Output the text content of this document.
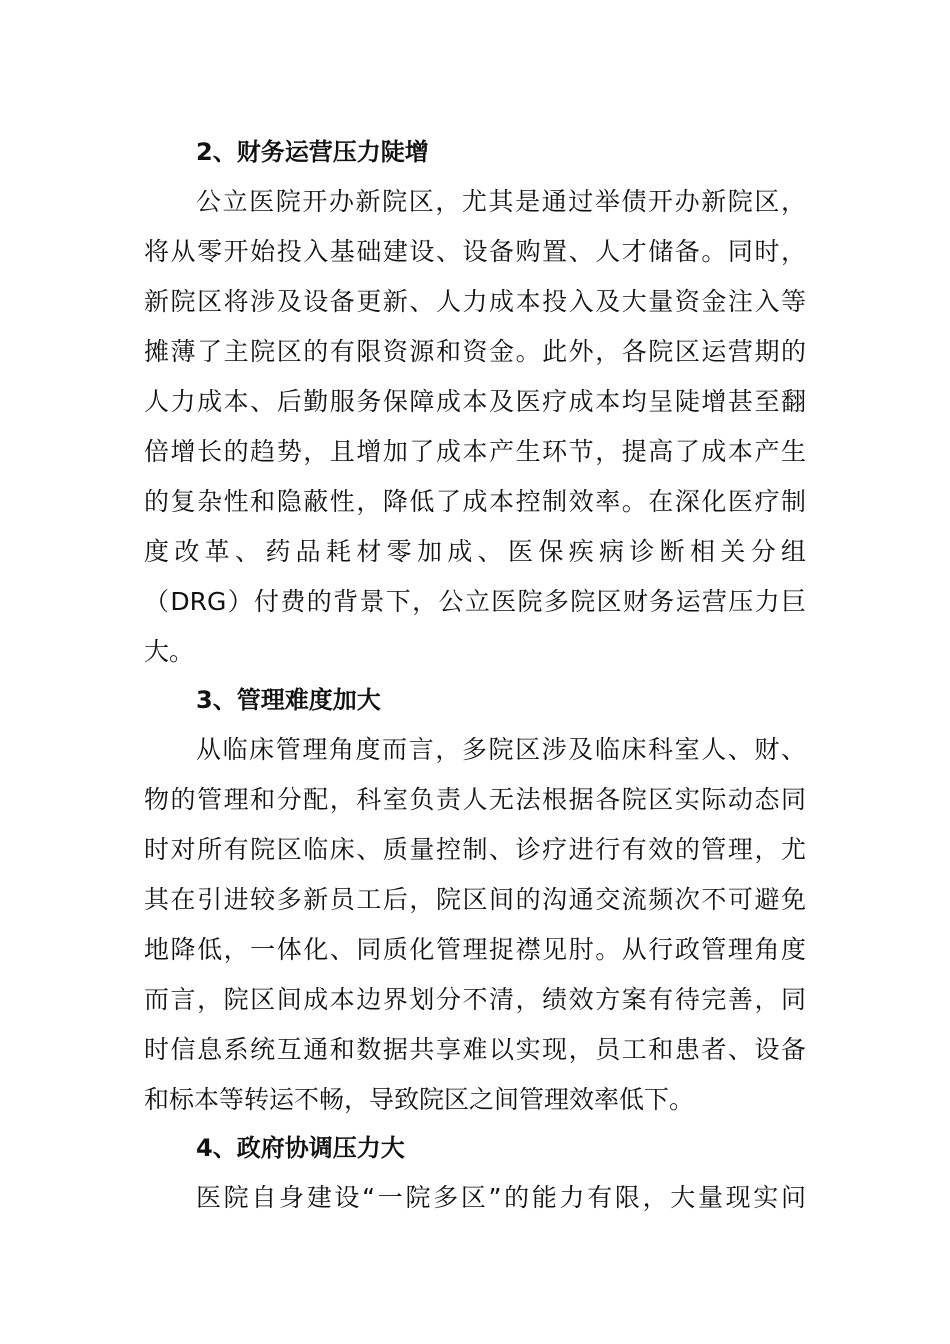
2、财务运营压力陡增
公立医院开办新院区，尤其是通过举债开办新院区，
将从零开始投入基础建设、设备购置、人才储备。同时，
新院区将涉及设备更新、人力成本投入及大量资金注入等
摊薄了主院区的有限资源和资金。此外，各院区运营期的
人力成本、后勤服务保障成本及医疗成本均呈陡增甚至翻
倍增长的趋势，且增加了成本产生环节，提高了成本产生
的复杂性和隐蔽性，降低了成本控制效率。在深化医疗制
度改革、药品耗材零加成、医保疾病诊断相关分组
（DRG）付费的背景下，公立医院多院区财务运营压力巨
大。
3、管理难度加大
从临床管理角度而言，多院区涉及临床科室人、财、
物的管理和分配，科室负责人无法根据各院区实际动态同
时对所有院区临床、质量控制、诊疗进行有效的管理，尤
其在引进较多新员工后，院区间的沟通交流频次不可避免
地降低，一体化、同质化管理捉襟见肘。从行政管理角度
而言，院区间成本边界划分不清，绩效方案有待完善，同
时信息系统互通和数据共享难以实现，员工和患者、设备
和标本等转运不畅，导致院区之间管理效率低下。
4、政府协调压力大
医院自身建设“一院多区”的能力有限，大量现实问
